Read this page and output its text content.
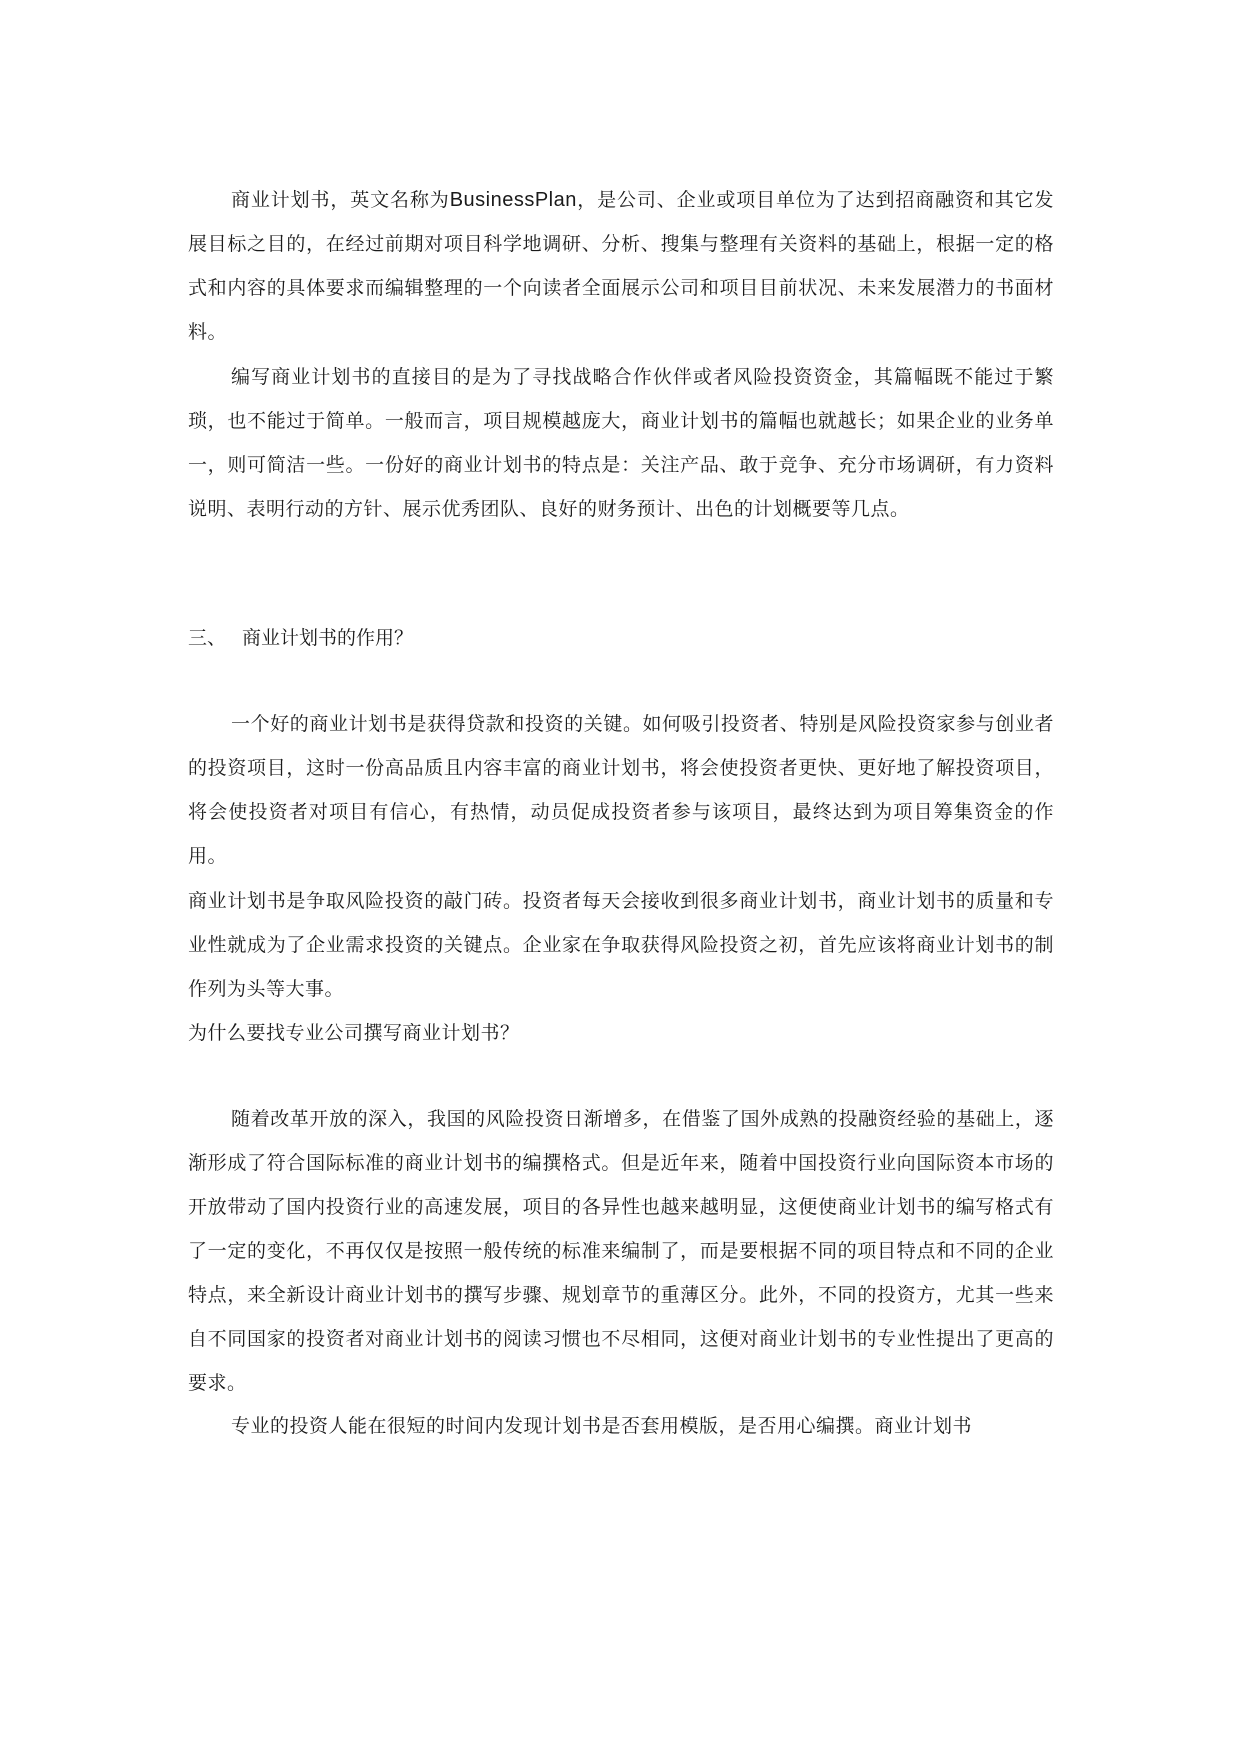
商业计划书，英文名称为BusinessPlan，是公司、企业或项目单位为了达到招商融资和其它发展目标之目的，在经过前期对项目科学地调研、分析、搜集与整理有关资料的基础上，根据一定的格式和内容的具体要求而编辑整理的一个向读者全面展示公司和项目目前状况、未来发展潜力的书面材料。

编写商业计划书的直接目的是为了寻找战略合作伙伴或者风险投资资金，其篇幅既不能过于繁琐，也不能过于简单。一般而言，项目规模越庞大，商业计划书的篇幅也就越长；如果企业的业务单一，则可简洁一些。一份好的商业计划书的特点是：关注产品、敢于竞争、充分市场调研，有力资料说明、表明行动的方针、展示优秀团队、良好的财务预计、出色的计划概要等几点。

三、 商业计划书的作用？

一个好的商业计划书是获得贷款和投资的关键。如何吸引投资者、特别是风险投资家参与创业者的投资项目，这时一份高品质且内容丰富的商业计划书，将会使投资者更快、更好地了解投资项目，将会使投资者对项目有信心，有热情，动员促成投资者参与该项目，最终达到为项目筹集资金的作用。

商业计划书是争取风险投资的敲门砖。投资者每天会接收到很多商业计划书，商业计划书的质量和专业性就成为了企业需求投资的关键点。企业家在争取获得风险投资之初，首先应该将商业计划书的制作列为头等大事。

为什么要找专业公司撰写商业计划书？

随着改革开放的深入，我国的风险投资日渐增多，在借鉴了国外成熟的投融资经验的基础上，逐渐形成了符合国际标准的商业计划书的编撰格式。但是近年来，随着中国投资行业向国际资本市场的开放带动了国内投资行业的高速发展，项目的各异性也越来越明显，这便使商业计划书的编写格式有了一定的变化，不再仅仅是按照一般传统的标准来编制了，而是要根据不同的项目特点和不同的企业特点，来全新设计商业计划书的撰写步骤、规划章节的重薄区分。此外，不同的投资方，尤其一些来自不同国家的投资者对商业计划书的阅读习惯也不尽相同，这便对商业计划书的专业性提出了更高的要求。

专业的投资人能在很短的时间内发现计划书是否套用模版，是否用心编撰。商业计划书
